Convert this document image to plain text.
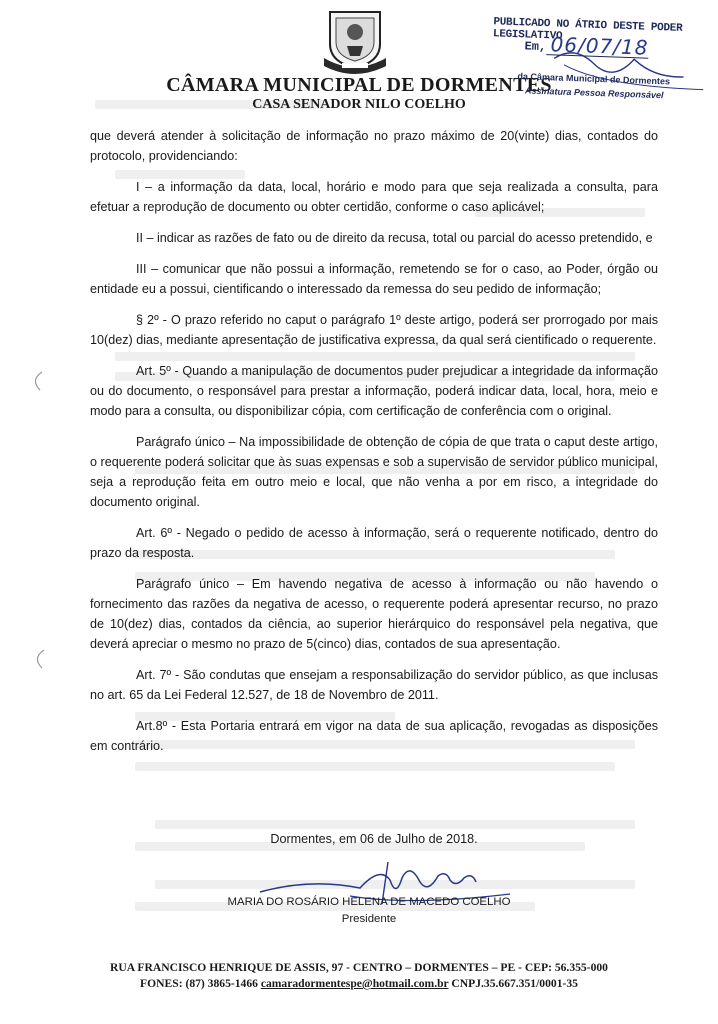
CÂMARA MUNICIPAL DE DORMENTES
CASA SENADOR NILO COELHO
PUBLICADO NO ÁTRIO DESTE PODER LEGISLATIVO
Em, 06/07/18
da Câmara Municipal de Dormentes
Assinatura Pessoa Responsável

que deverá atender à solicitação de informação no prazo máximo de 20(vinte) dias, contados do protocolo, providenciando:

I – a informação da data, local, horário e modo para que seja realizada a consulta, para efetuar a reprodução de documento ou obter certidão, conforme o caso aplicável;

II – indicar as razões de fato ou de direito da recusa, total ou parcial do acesso pretendido, e

III – comunicar que não possui a informação, remetendo se for o caso, ao Poder, órgão ou entidade eu a possui, cientificando o interessado da remessa do seu pedido de informação;

§ 2º - O prazo referido no caput o parágrafo 1º deste artigo, poderá ser prorrogado por mais 10(dez) dias, mediante apresentação de justificativa expressa, da qual será cientificado o requerente.

Art. 5º - Quando a manipulação de documentos puder prejudicar a integridade da informação ou do documento, o responsável para prestar a informação, poderá indicar data, local, hora, meio e modo para a consulta, ou disponibilizar cópia, com certificação de conferência com o original.

Parágrafo único – Na impossibilidade de obtenção de cópia de que trata o caput deste artigo, o requerente poderá solicitar que às suas expensas e sob a supervisão de servidor público municipal, seja a reprodução feita em outro meio e local, que não venha a por em risco, a integridade do documento original.

Art. 6º - Negado o pedido de acesso à informação, será o requerente notificado, dentro do prazo da resposta.

Parágrafo único – Em havendo negativa de acesso à informação ou não havendo o fornecimento das razões da negativa de acesso, o requerente poderá apresentar recurso, no prazo de 10(dez) dias, contados da ciência, ao superior hierárquico do responsável pela negativa, que deverá apreciar o mesmo no prazo de 5(cinco) dias, contados de sua apresentação.

Art. 7º - São condutas que ensejam a responsabilização do servidor público, as que inclusas no art. 65 da Lei Federal 12.527, de 18 de Novembro de 2011.

Art.8º - Esta Portaria entrará em vigor na data de sua aplicação, revogadas as disposições em contrário.

Dormentes, em 06 de Julho de 2018.
MARIA DO ROSÁRIO HELENA DE MACEDO COELHO
Presidente
RUA FRANCISCO HENRIQUE DE ASSIS, 97 - CENTRO – DORMENTES – PE - CEP: 56.355-000
FONES: (87) 3865-1466 camaradormentespe@hotmail.com.br CNPJ.35.667.351/0001-35
